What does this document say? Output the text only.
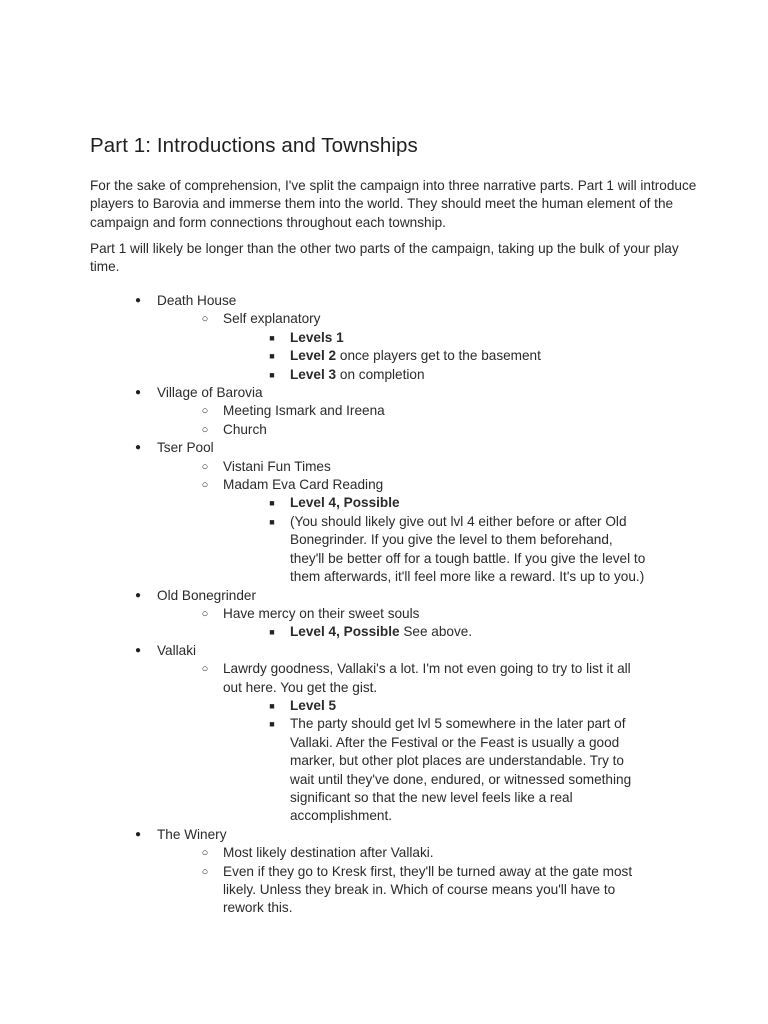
Part 1: Introductions and Townships

For the sake of comprehension, I've split the campaign into three narrative parts. Part 1 will introduce players to Barovia and immerse them into the world. They should meet the human element of the campaign and form connections throughout each township.

Part 1 will likely be longer than the other two parts of the campaign, taking up the bulk of your play time.

●	Death House
○	Self explanatory
■	Levels 1
■	Level 2 once players get to the basement
■	Level 3 on completion
●	Village of Barovia
○	Meeting Ismark and Ireena
○	Church
●	Tser Pool
○	Vistani Fun Times
○	Madam Eva Card Reading
■	Level 4, Possible
■	(You should likely give out lvl 4 either before or after Old Bonegrinder. If you give the level to them beforehand, they'll be better off for a tough battle. If you give the level to them afterwards, it'll feel more like a reward. It's up to you.)
●	Old Bonegrinder
○	Have mercy on their sweet souls
■	Level 4, Possible See above.
●	Vallaki
○	Lawrdy goodness, Vallaki's a lot. I'm not even going to try to list it all out here. You get the gist.
■	Level 5
■	The party should get lvl 5 somewhere in the later part of Vallaki. After the Festival or the Feast is usually a good marker, but other plot places are understandable. Try to wait until they've done, endured, or witnessed something significant so that the new level feels like a real accomplishment.
●	The Winery
○	Most likely destination after Vallaki.
○	Even if they go to Kresk first, they'll be turned away at the gate most likely. Unless they break in. Which of course means you'll have to rework this.
